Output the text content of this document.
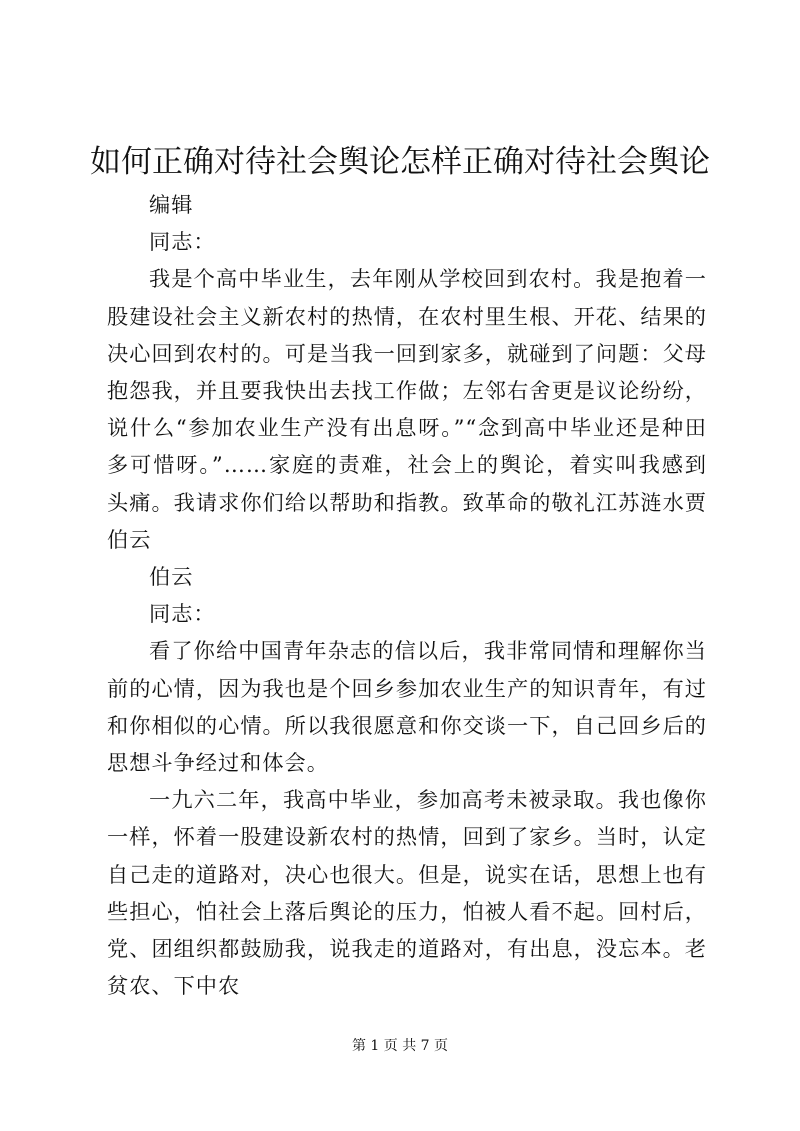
如何正确对待社会舆论怎样正确对待社会舆论

编辑

同志：

我是个高中毕业生，去年刚从学校回到农村。我是抱着一股建设社会主义新农村的热情，在农村里生根、开花、结果的决心回到农村的。可是当我一回到家多，就碰到了问题：父母抱怨我，并且要我快出去找工作做；左邻右舍更是议论纷纷，说什么“参加农业生产没有出息呀。”“念到高中毕业还是种田多可惜呀。”……家庭的责难，社会上的舆论，着实叫我感到头痛。我请求你们给以帮助和指教。致革命的敬礼江苏涟水贾伯云

伯云

同志：

看了你给中国青年杂志的信以后，我非常同情和理解你当前的心情，因为我也是个回乡参加农业生产的知识青年，有过和你相似的心情。所以我很愿意和你交谈一下，自己回乡后的思想斗争经过和体会。

一九六二年，我高中毕业，参加高考未被录取。我也像你一样，怀着一股建设新农村的热情，回到了家乡。当时，认定自己走的道路对，决心也很大。但是，说实在话，思想上也有些担心，怕社会上落后舆论的压力，怕被人看不起。回村后，党、团组织都鼓励我，说我走的道路对，有出息，没忘本。老贫农、下中农

第 1 页 共 7 页
